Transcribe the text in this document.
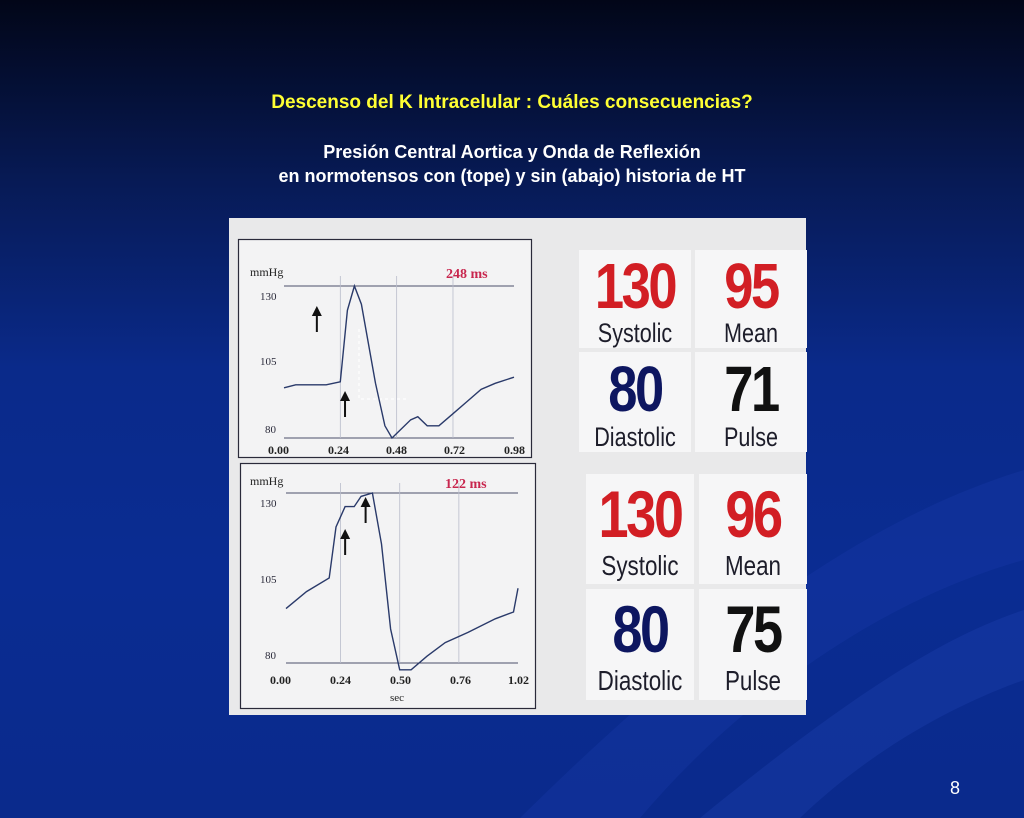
Descenso del K Intracelular : Cuáles consecuencias?
Presión Central Aortica y Onda de Reflexión
en normotensos con (tope) y sin (abajo) historia de HT
mmHg
130
105
80
0.00	0.24	0.48	0.72	0.98
248 ms
mmHg
130
105
80
0.00	0.24	0.50	0.76	1.02
sec
122 ms
130
Systolic
95
Mean
80
Diastolic
71
Pulse
130
Systolic
96
Mean
80
Diastolic
75
Pulse
8
